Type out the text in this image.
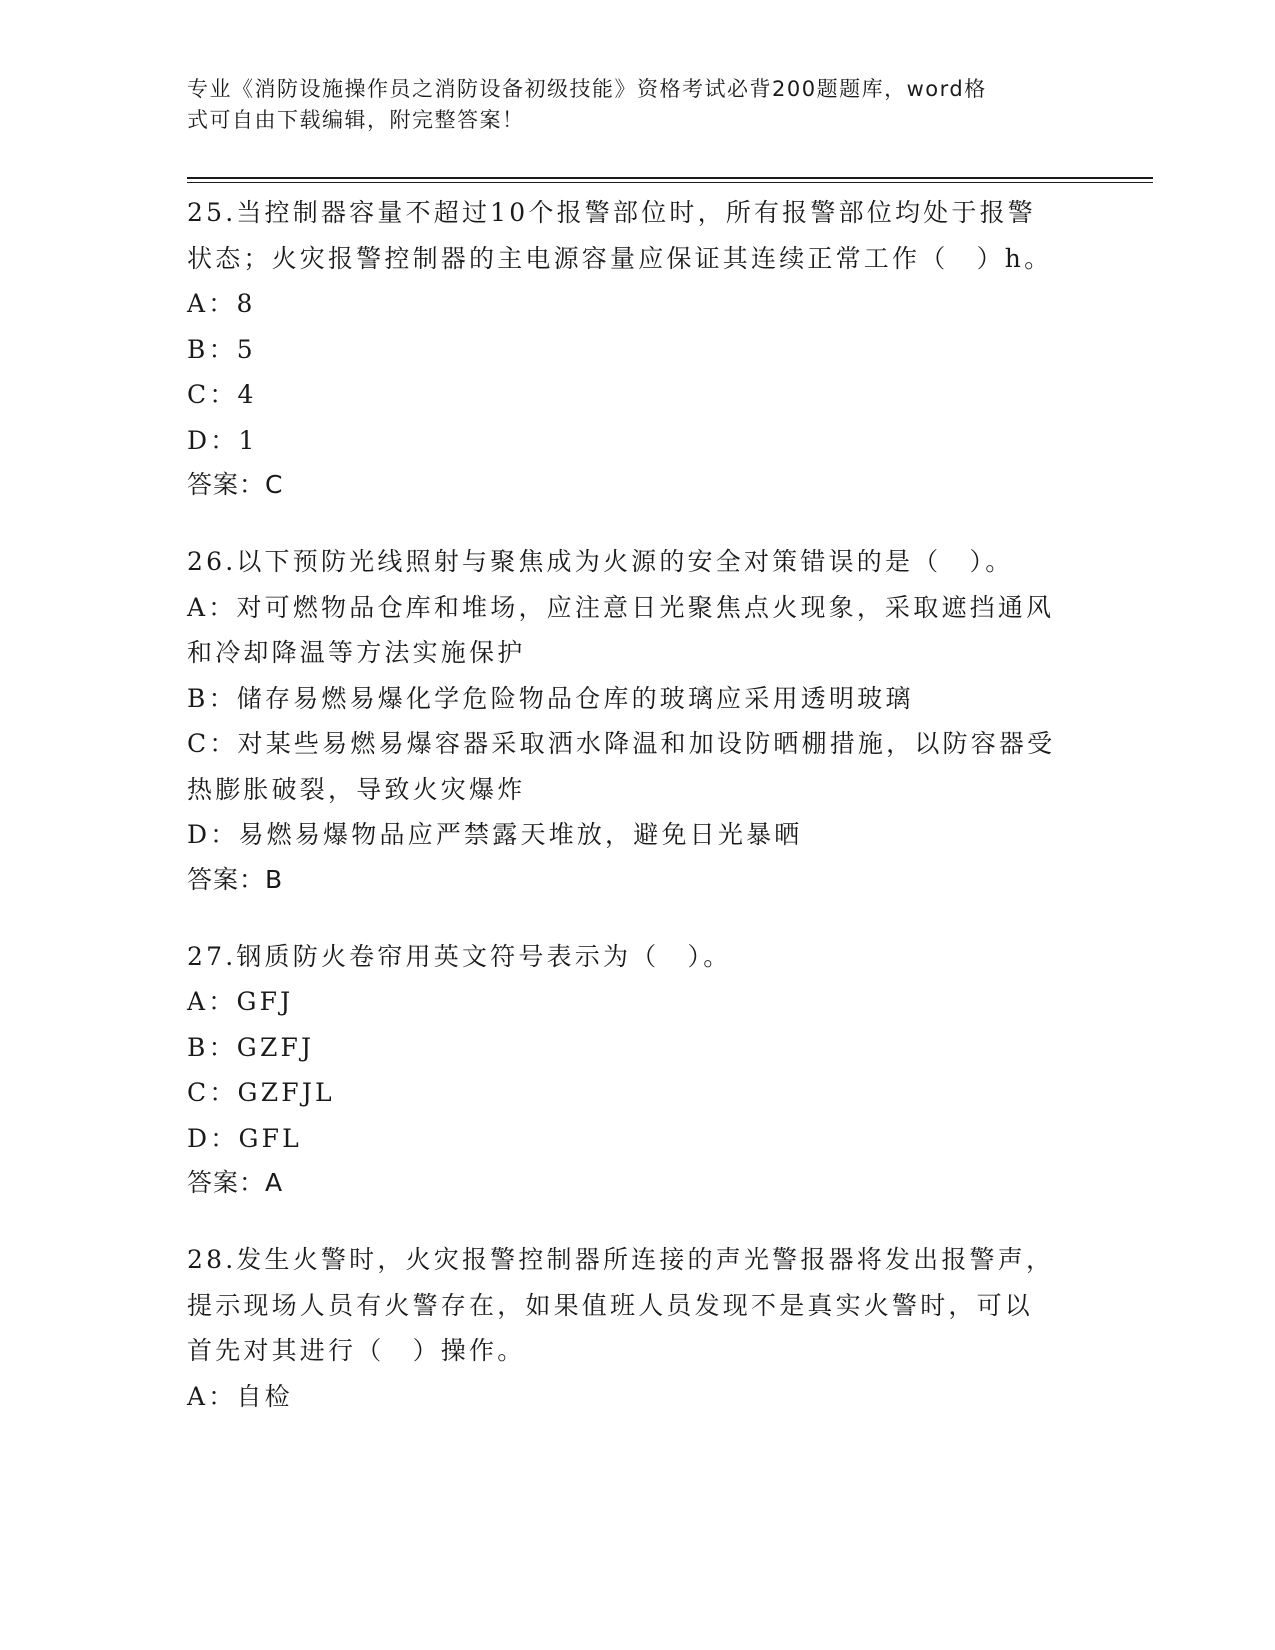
专业《消防设施操作员之消防设备初级技能》资格考试必背200题题库，word格
式可自由下载编辑，附完整答案！
25.当控制器容量不超过10个报警部位时，所有报警部位均处于报警
状态；火灾报警控制器的主电源容量应保证其连续正常工作（　）h。
A：8
B：5
C：4
D：1
答案：C
26.以下预防光线照射与聚焦成为火源的安全对策错误的是（　）。
A：对可燃物品仓库和堆场，应注意日光聚焦点火现象，采取遮挡通风
和冷却降温等方法实施保护
B：储存易燃易爆化学危险物品仓库的玻璃应采用透明玻璃
C：对某些易燃易爆容器采取洒水降温和加设防晒棚措施，以防容器受
热膨胀破裂，导致火灾爆炸
D：易燃易爆物品应严禁露天堆放，避免日光暴晒
答案：B
27.钢质防火卷帘用英文符号表示为（　）。
A：GFJ
B：GZFJ
C：GZFJL
D：GFL
答案：A
28.发生火警时，火灾报警控制器所连接的声光警报器将发出报警声，
提示现场人员有火警存在，如果值班人员发现不是真实火警时，可以
首先对其进行（　）操作。
A：自检
